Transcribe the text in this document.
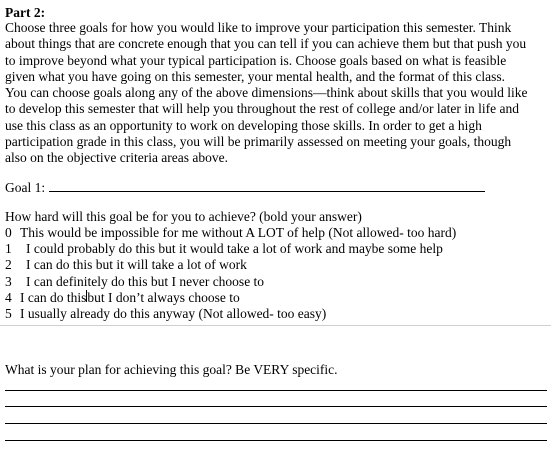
Part 2:
Choose three goals for how you would like to improve your participation this semester. Think
about things that are concrete enough that you can tell if you can achieve them but that push you
to improve beyond what your typical participation is. Choose goals based on what is feasible
given what you have going on this semester, your mental health, and the format of this class.
You can choose goals along any of the above dimensions—think about skills that you would like
to develop this semester that will help you throughout the rest of college and/or later in life and
use this class as an opportunity to work on developing those skills. In order to get a high
participation grade in this class, you will be primarily assessed on meeting your goals, though
also on the objective criteria areas above.
Goal 1:
How hard will this goal be for you to achieve? (bold your answer)
0 This would be impossible for me without A LOT of help (Not allowed- too hard)
1	I could probably do this but it would take a lot of work and maybe some help
2	I can do this but it will take a lot of work
3	I can definitely do this but I never choose to
4 I can do this but I don’t always choose to
5 I usually already do this anyway (Not allowed- too easy)
What is your plan for achieving this goal? Be VERY specific.
